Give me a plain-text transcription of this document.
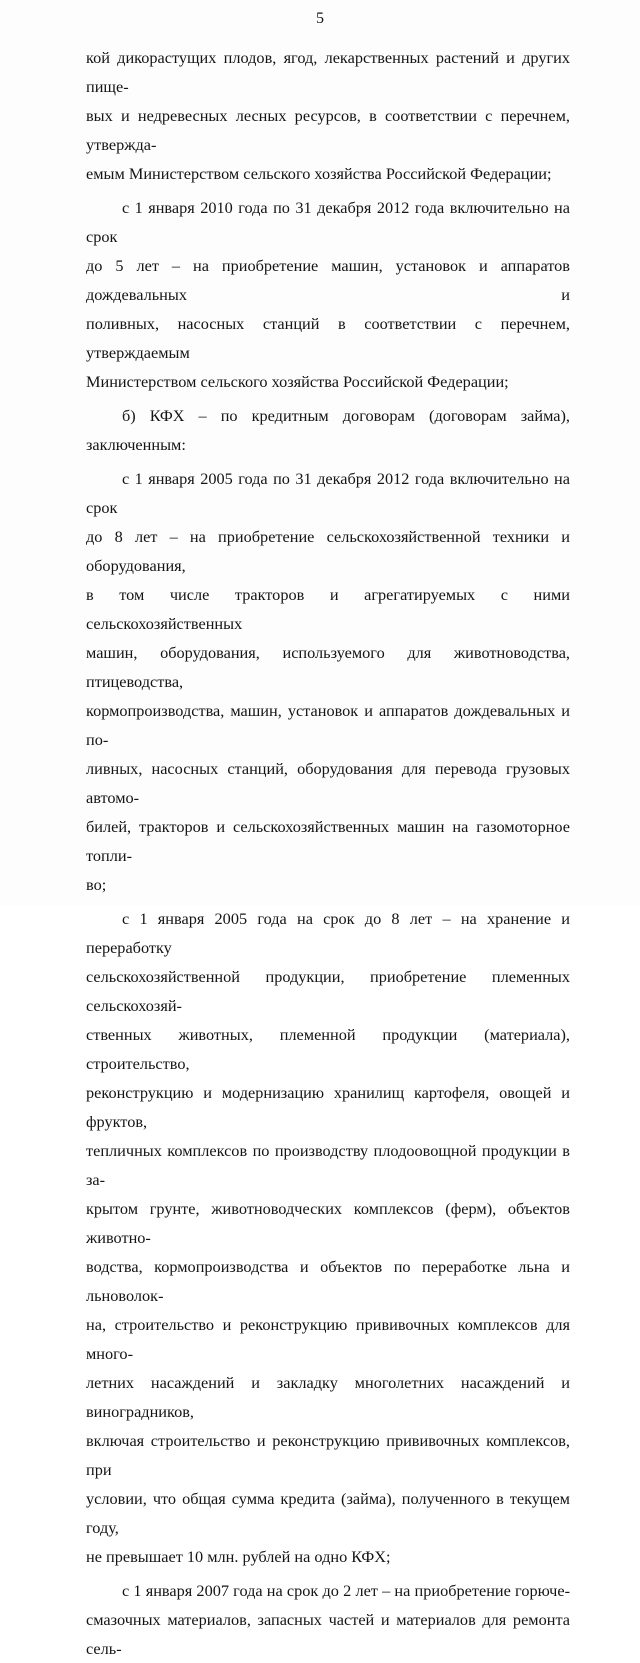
5

кой дикорастущих плодов, ягод, лекарственных растений и других пище-

вых и недревесных лесных ресурсов, в соответствии с перечнем, утвержда-

емым Министерством сельского хозяйства Российской Федерации;

с 1 января 2010 года по 31 декабря 2012 года включительно на срок

до 5 лет – на приобретение машин, установок и аппаратов дождевальных и

поливных, насосных станций в соответствии с перечнем, утверждаемым

Министерством сельского хозяйства Российской Федерации;

б) КФХ – по кредитным договорам (договорам займа), заключенным:

с 1 января 2005 года по 31 декабря 2012 года включительно на срок

до 8 лет – на приобретение сельскохозяйственной техники и оборудования,

в том числе тракторов и агрегатируемых с ними сельскохозяйственных

машин, оборудования, используемого для животноводства, птицеводства,

кормопроизводства, машин, установок и аппаратов дождевальных и по-

ливных, насосных станций, оборудования для перевода грузовых автомо-

билей, тракторов и сельскохозяйственных машин на газомоторное топли-

во;

с 1 января 2005 года на срок до 8 лет – на хранение и переработку

сельскохозяйственной продукции, приобретение племенных сельскохозяй-

ственных животных, племенной продукции (материала), строительство,

реконструкцию и модернизацию хранилищ картофеля, овощей и фруктов,

тепличных комплексов по производству плодоовощной продукции в за-

крытом грунте, животноводческих комплексов (ферм), объектов животно-

водства, кормопроизводства и объектов по переработке льна и льноволок-

на, строительство и реконструкцию прививочных комплексов для много-

летних насаждений и закладку многолетних насаждений и виноградников,

включая строительство и реконструкцию прививочных комплексов, при

условии, что общая сумма кредита (займа), полученного в текущем году,

не превышает 10 млн. рублей на одно КФХ;

с 1 января 2007 года на срок до 2 лет – на приобретение горюче-

смазочных материалов, запасных частей и материалов для ремонта сель-
